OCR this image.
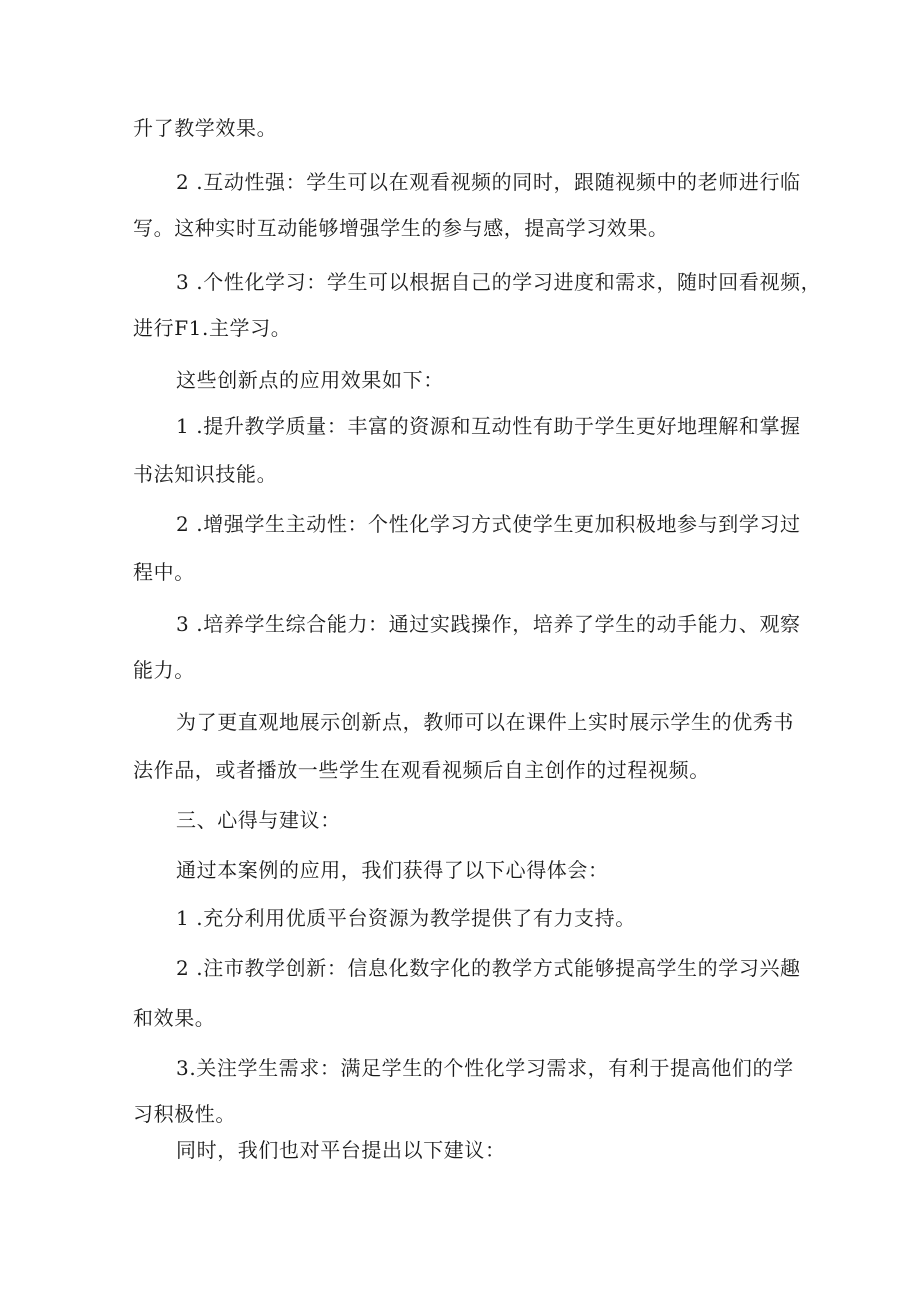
升了教学效果。
2 .互动性强：学生可以在观看视频的同时，跟随视频中的老师进行临
写。这种实时互动能够增强学生的参与感，提高学习效果。
3 .个性化学习：学生可以根据自己的学习进度和需求，随时回看视频，
进行F1.主学习。
这些创新点的应用效果如下：
1 .提升教学质量：丰富的资源和互动性有助于学生更好地理解和掌握
书法知识技能。
2 .增强学生主动性：个性化学习方式使学生更加积极地参与到学习过
程中。
3 .培养学生综合能力：通过实践操作，培养了学生的动手能力、观察
能力。
为了更直观地展示创新点，教师可以在课件上实时展示学生的优秀书
法作品，或者播放一些学生在观看视频后自主创作的过程视频。
三、心得与建议：
通过本案例的应用，我们获得了以下心得体会：
1 .充分利用优质平台资源为教学提供了有力支持。
2 .注市教学创新：信息化数字化的教学方式能够提高学生的学习兴趣
和效果。
3.关注学生需求：满足学生的个性化学习需求，有利于提高他们的学
习积极性。
同时，我们也对平台提出以下建议：
